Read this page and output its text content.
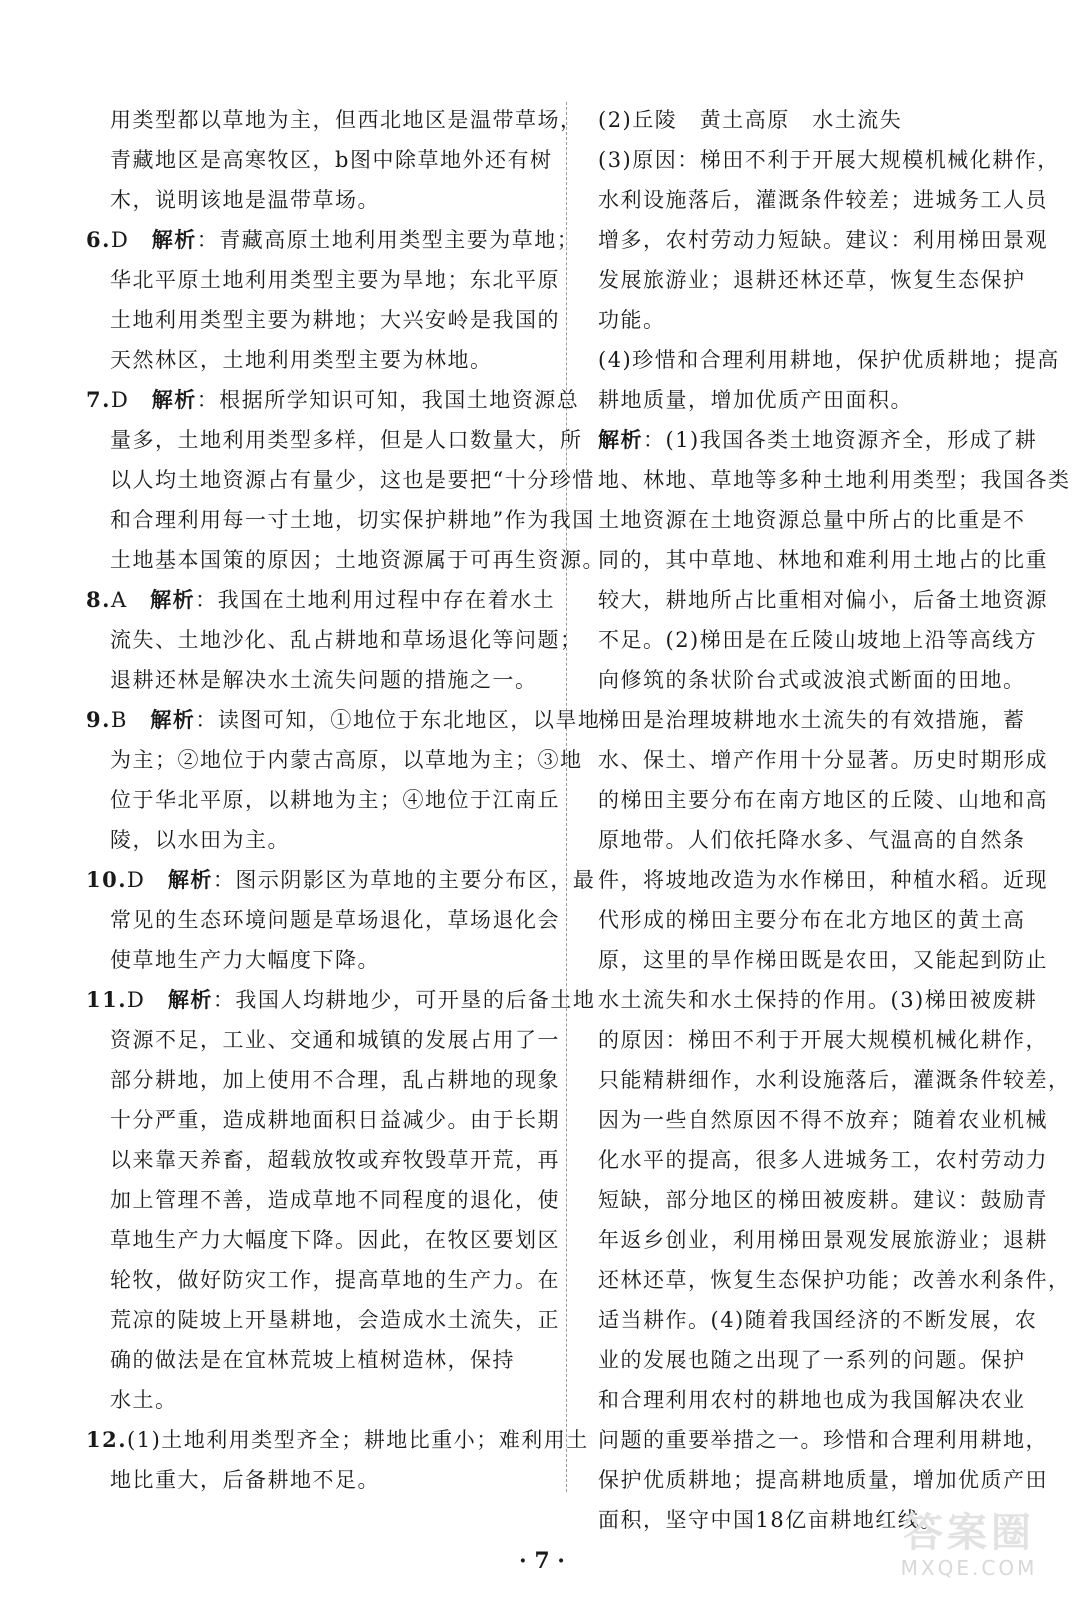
用类型都以草地为主，但西北地区是温带草场，
青藏地区是高寒牧区，b图中除草地外还有树
木，说明该地是温带草场。
6.D　 解析：青藏高原土地利用类型主要为草地；
华北平原土地利用类型主要为旱地；东北平原
土地利用类型主要为耕地；大兴安岭是我国的
天然林区，土地利用类型主要为林地。
7.D　 解析：根据所学知识可知，我国土地资源总
量多，土地利用类型多样，但是人口数量大，所
以人均土地资源占有量少，这也是要把“十分珍惜
和合理利用每一寸土地，切实保护耕地”作为我国
土地基本国策的原因；土地资源属于可再生资源。
8.A　 解析：我国在土地利用过程中存在着水土
流失、土地沙化、乱占耕地和草场退化等问题；
退耕还林是解决水土流失问题的措施之一。
9.B　 解析：读图可知，①地位于东北地区，以旱地
为主；②地位于内蒙古高原，以草地为主；③地
位于华北平原，以耕地为主；④地位于江南丘
陵，以水田为主。
10.D　 解析：图示阴影区为草地的主要分布区，最
常见的生态环境问题是草场退化，草场退化会
使草地生产力大幅度下降。
11.D　 解析：我国人均耕地少，可开垦的后备土地
资源不足，工业、交通和城镇的发展占用了一
部分耕地，加上使用不合理，乱占耕地的现象
十分严重，造成耕地面积日益减少。由于长期
以来靠天养畜，超载放牧或弃牧毁草开荒，再
加上管理不善，造成草地不同程度的退化，使
草地生产力大幅度下降。因此，在牧区要划区
轮牧，做好防灾工作，提高草地的生产力。在
荒凉的陡坡上开垦耕地，会造成水土流失，正
确的做法是在宜林荒坡上植树造林，保持
水土。
12.(1)土地利用类型齐全；耕地比重小；难利用土
地比重大，后备耕地不足。
(2)丘陵　黄土高原　水土流失
(3)原因：梯田不利于开展大规模机械化耕作，
水利设施落后，灌溉条件较差；进城务工人员
增多，农村劳动力短缺。建议：利用梯田景观
发展旅游业；退耕还林还草，恢复生态保护
功能。
(4)珍惜和合理利用耕地，保护优质耕地；提高
耕地质量，增加优质产田面积。
解析：(1)我国各类土地资源齐全，形成了耕
地、林地、草地等多种土地利用类型；我国各类
土地资源在土地资源总量中所占的比重是不
同的，其中草地、林地和难利用土地占的比重
较大，耕地所占比重相对偏小，后备土地资源
不足。(2)梯田是在丘陵山坡地上沿等高线方
向修筑的条状阶台式或波浪式断面的田地。
梯田是治理坡耕地水土流失的有效措施，蓄
水、保土、增产作用十分显著。历史时期形成
的梯田主要分布在南方地区的丘陵、山地和高
原地带。人们依托降水多、气温高的自然条
件，将坡地改造为水作梯田，种植水稻。近现
代形成的梯田主要分布在北方地区的黄土高
原，这里的旱作梯田既是农田，又能起到防止
水土流失和水土保持的作用。(3)梯田被废耕
的原因：梯田不利于开展大规模机械化耕作，
只能精耕细作，水利设施落后，灌溉条件较差，
因为一些自然原因不得不放弃；随着农业机械
化水平的提高，很多人进城务工，农村劳动力
短缺，部分地区的梯田被废耕。建议：鼓励青
年返乡创业，利用梯田景观发展旅游业；退耕
还林还草，恢复生态保护功能；改善水利条件，
适当耕作。(4)随着我国经济的不断发展，农
业的发展也随之出现了一系列的问题。保护
和合理利用农村的耕地也成为我国解决农业
问题的重要举措之一。珍惜和合理利用耕地，
保护优质耕地；提高耕地质量，增加优质产田
面积，坚守中国18亿亩耕地红线。
· 7 ·
答案圈
MXQE.COM
